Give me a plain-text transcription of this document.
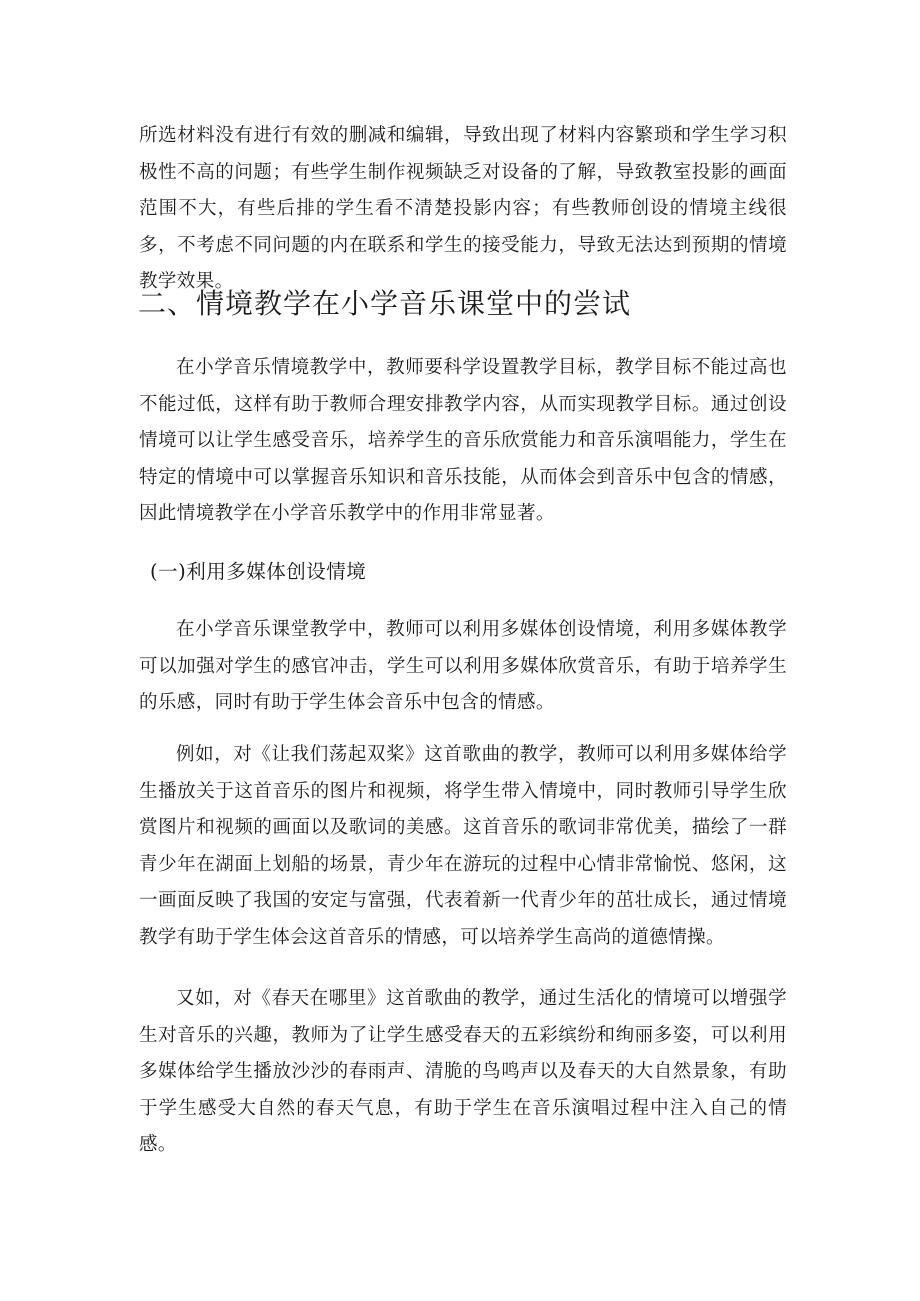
所选材料没有进行有效的删减和编辑，导致出现了材料内容繁琐和学生学习积极性不高的问题；有些学生制作视频缺乏对设备的了解，导致教室投影的画面范围不大，有些后排的学生看不清楚投影内容；有些教师创设的情境主线很多，不考虑不同问题的内在联系和学生的接受能力，导致无法达到预期的情境教学效果。

二、情境教学在小学音乐课堂中的尝试

在小学音乐情境教学中，教师要科学设置教学目标，教学目标不能过高也不能过低，这样有助于教师合理安排教学内容，从而实现教学目标。通过创设情境可以让学生感受音乐，培养学生的音乐欣赏能力和音乐演唱能力，学生在特定的情境中可以掌握音乐知识和音乐技能，从而体会到音乐中包含的情感，因此情境教学在小学音乐教学中的作用非常显著。

(一)利用多媒体创设情境

在小学音乐课堂教学中，教师可以利用多媒体创设情境，利用多媒体教学可以加强对学生的感官冲击，学生可以利用多媒体欣赏音乐，有助于培养学生的乐感，同时有助于学生体会音乐中包含的情感。

例如，对《让我们荡起双桨》这首歌曲的教学，教师可以利用多媒体给学生播放关于这首音乐的图片和视频，将学生带入情境中，同时教师引导学生欣赏图片和视频的画面以及歌词的美感。这首音乐的歌词非常优美，描绘了一群青少年在湖面上划船的场景，青少年在游玩的过程中心情非常愉悦、悠闲，这一画面反映了我国的安定与富强，代表着新一代青少年的茁壮成长，通过情境教学有助于学生体会这首音乐的情感，可以培养学生高尚的道德情操。

又如，对《春天在哪里》这首歌曲的教学，通过生活化的情境可以增强学生对音乐的兴趣，教师为了让学生感受春天的五彩缤纷和绚丽多姿，可以利用多媒体给学生播放沙沙的春雨声、清脆的鸟鸣声以及春天的大自然景象，有助于学生感受大自然的春天气息，有助于学生在音乐演唱过程中注入自己的情感。
